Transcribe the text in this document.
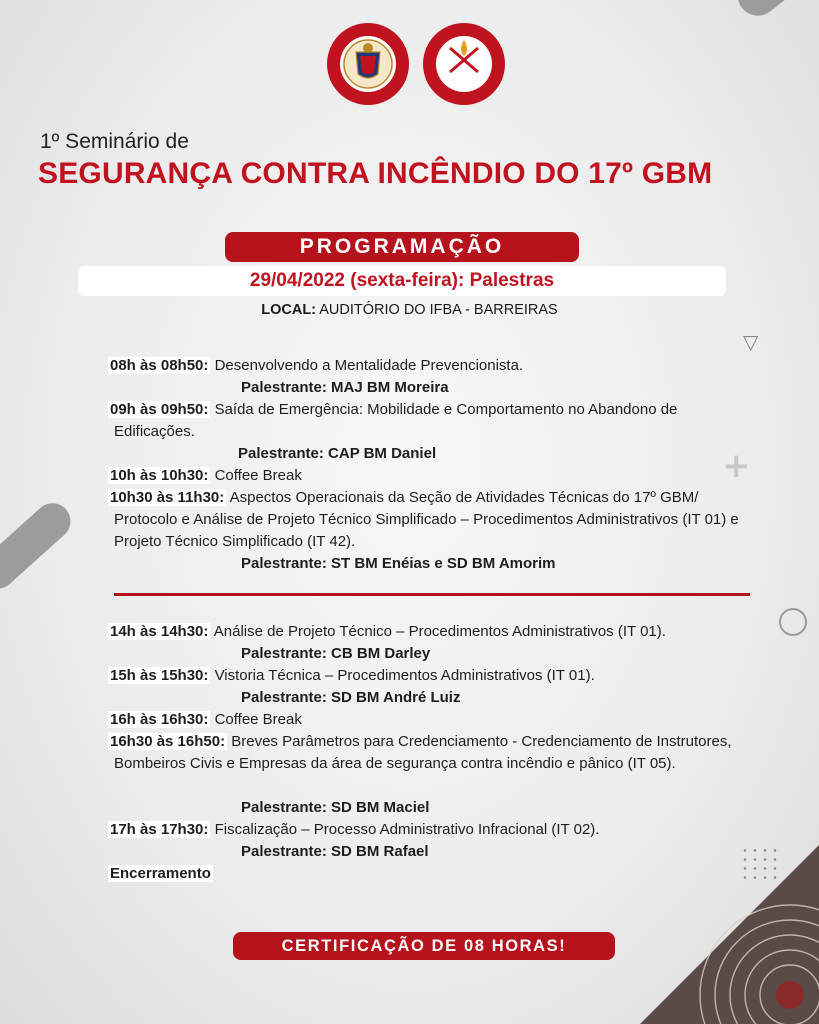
▽
+
1º Seminário de
SEGURANÇA CONTRA INCÊNDIO DO 17º GBM
PROGRAMAÇÃO
29/04/2022 (sexta-feira): Palestras
LOCAL: AUDITÓRIO DO IFBA - BARREIRAS
08h às 08h50: Desenvolvendo a Mentalidade Prevencionista.
Palestrante: MAJ BM Moreira
09h às 09h50: Saída de Emergência: Mobilidade e Comportamento no Abandono de Edificações.
Palestrante: CAP BM Daniel
10h às 10h30: Coffee Break
10h30 às 11h30: Aspectos Operacionais da Seção de Atividades Técnicas do 17º GBM/ Protocolo e Análise de Projeto Técnico Simplificado – Procedimentos Administrativos (IT 01) e Projeto Técnico Simplificado (IT 42).
Palestrante: ST BM Enéias e SD BM Amorim
14h às 14h30: Análise de Projeto Técnico – Procedimentos Administrativos (IT 01).
Palestrante: CB BM Darley
15h às 15h30: Vistoria Técnica – Procedimentos Administrativos (IT 01).
Palestrante: SD BM André Luiz
16h às 16h30: Coffee Break
16h30 às 16h50: Breves Parâmetros para Credenciamento - Credenciamento de Instrutores, Bombeiros Civis e Empresas da área de segurança contra incêndio e pânico (IT 05).
Palestrante: SD BM Maciel
17h às 17h30: Fiscalização – Processo Administrativo Infracional (IT 02).
Palestrante: SD BM Rafael
Encerramento
CERTIFICAÇÃO DE 08 HORAS!
